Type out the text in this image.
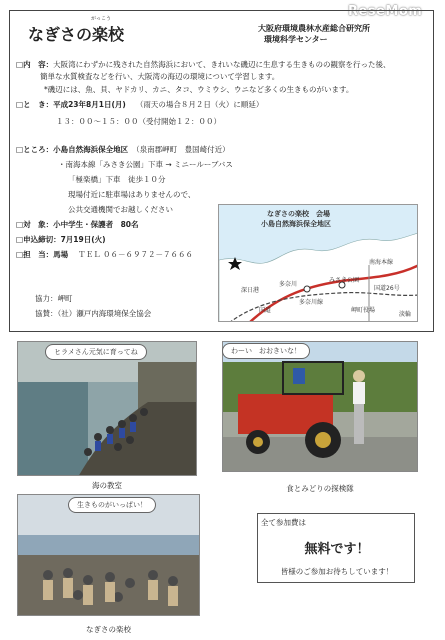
ReseMom
がっこう
なぎさの楽校	大阪府環境農林水産総合研究所
環境科学センター
□内　容：大阪湾にわずかに残された自然海浜において、きれいな磯辺に生息する生きものの観察を行った後、
簡単な水質検査などを行い、大阪湾の海辺の環境について学習します。
*磯辺には、魚、貝、ヤドカリ、カニ、タコ、ウミウシ、ウニなど多くの生きものがいます。
□と　き：平成23年8月1日(月) （雨天の場合８月２日（火）に順延）
１３：００～１５：００（受付開始１２：００）
□ところ：小島自然海浜保全地区 （泉南郡岬町　豊国崎付近）
・南海本線「みさき公園」下車 → ミニールーブバス
「極楽橋」下車　徒歩１０分
現場付近に駐車場はありませんので、
公共交通機関でお越しください
□対　象：小中学生・保護者　80名
□申込締切：7月19日(火)
□担　当：馬場 ＴＥＬ ０６－６９７２－７６６６
協力：岬町
協賛：（社）瀬戸内海環境保全協会
なぎさの楽校　会場
小島自然海浜保全地区
南海本線
国道26号
岬町役場
みさき公園
多奈川線
多奈川
深日港
国道
淡輪
ヒラメさん元気に育ってね
海の教室
わーい　おおきいな！
食とみどりの探検隊
生きものがいっぱい！
なぎさの楽校
全て参加費は
無料です！
皆様のご参加お待ちしています！
